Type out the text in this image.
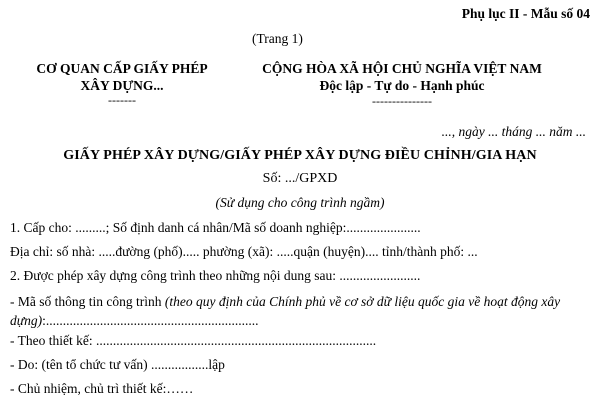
Phụ lục II - Mẫu số 04
(Trang 1)
CƠ QUAN CẤP GIẤY PHÉP
XÂY DỰNG...
-------
CỘNG HÒA XÃ HỘI CHỦ NGHĨA VIỆT NAM
Độc lập - Tự do - Hạnh phúc
---------------
..., ngày ... tháng ... năm ...
GIẤY PHÉP XÂY DỰNG/GIẤY PHÉP XÂY DỰNG ĐIỀU CHỈNH/GIA HẠN
Số: .../GPXD
(Sử dụng cho công trình ngầm)
1. Cấp cho: .........; Số định danh cá nhân/Mã số doanh nghiệp:......................
Địa chỉ: số nhà: .....đường (phố)..... phường (xã): .....quận (huyện).... tỉnh/thành phố: ...
2. Được phép xây dựng công trình theo những nội dung sau: ........................
- Mã số thông tin công trình (theo quy định của Chính phủ về cơ sở dữ liệu quốc gia về hoạt động xây dựng):...............................................................
- Theo thiết kế: ...................................................................................
- Do: (tên tổ chức tư vấn) .................lập
- Chủ nhiệm, chủ trì thiết kế:……
